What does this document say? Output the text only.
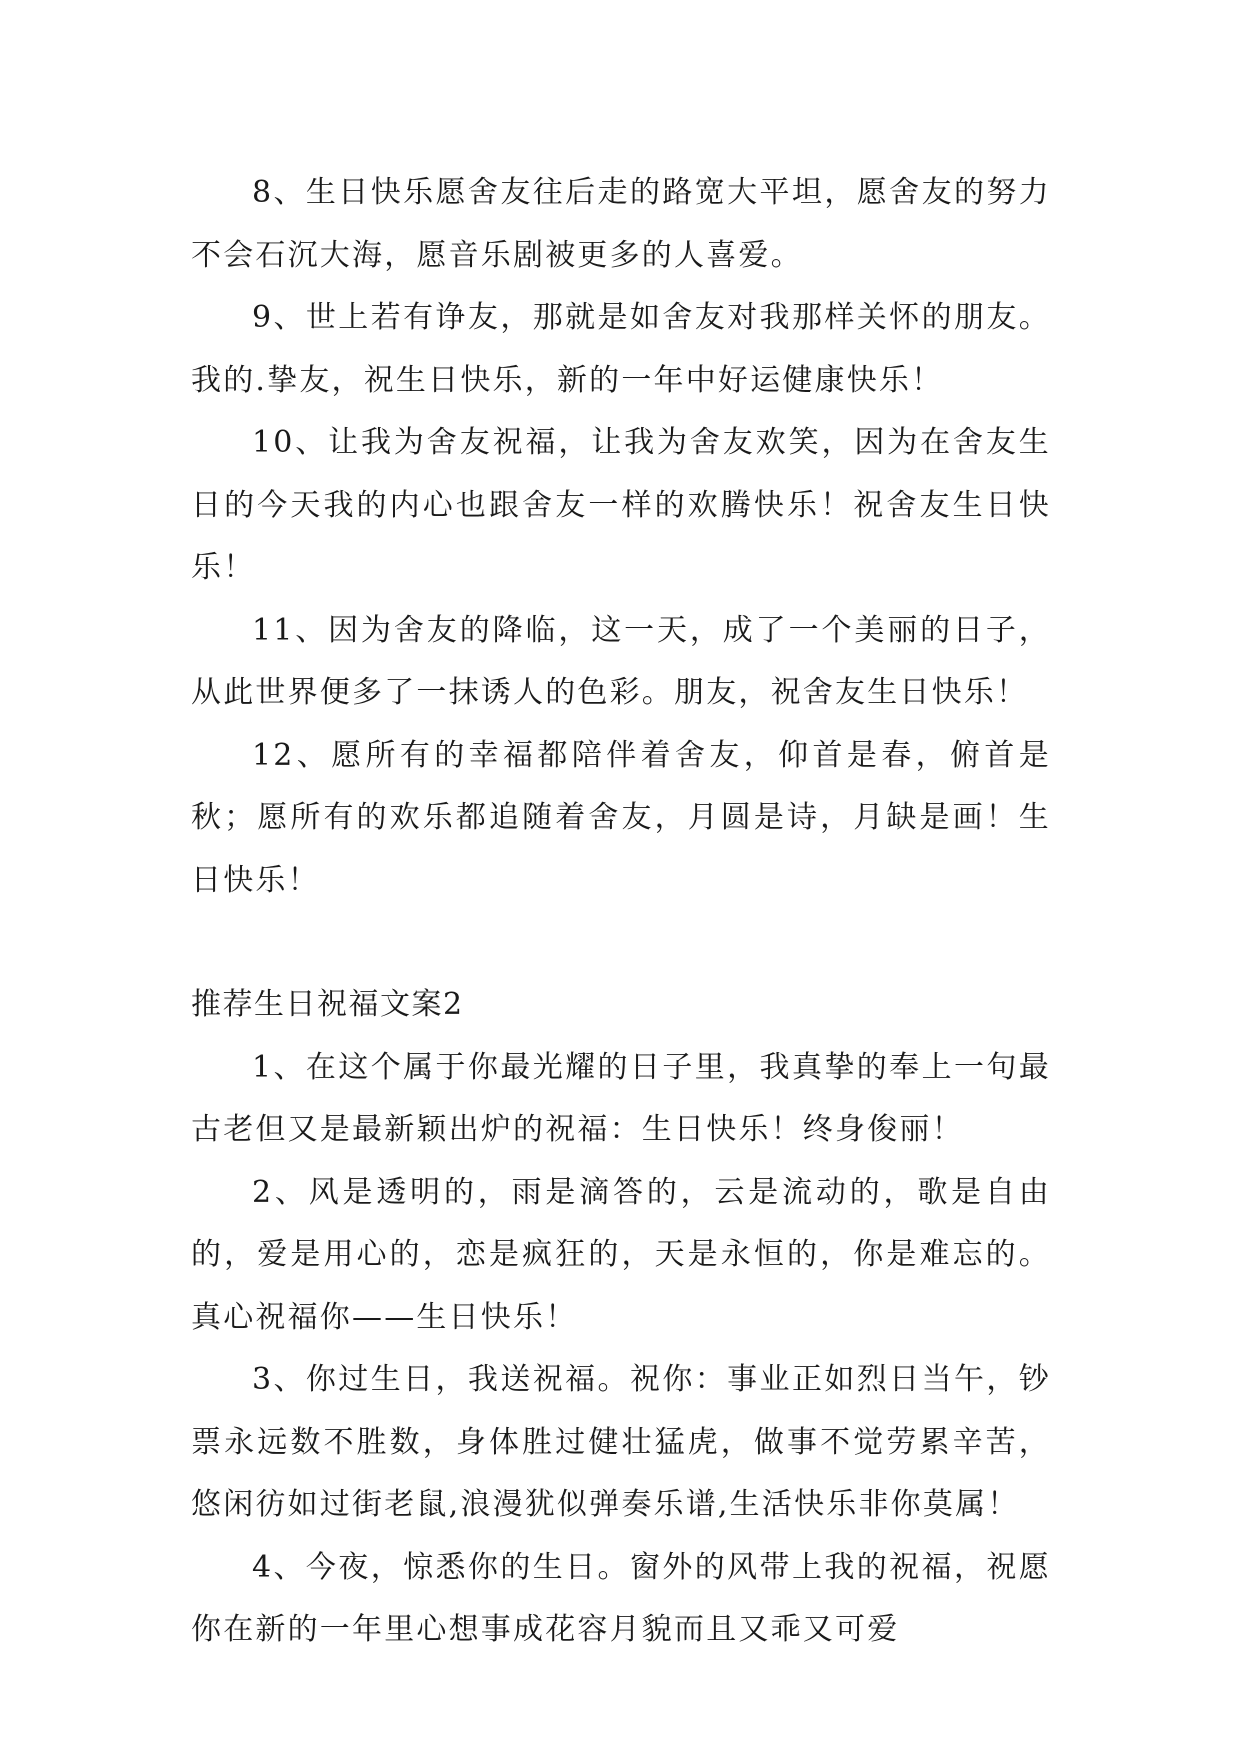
8、生日快乐愿舍友往后走的路宽大平坦，愿舍友的努力不会石沉大海，愿音乐剧被更多的人喜爱。

9、世上若有诤友，那就是如舍友对我那样关怀的朋友。我的.挚友，祝生日快乐，新的一年中好运健康快乐！

10、让我为舍友祝福，让我为舍友欢笑，因为在舍友生日的今天我的内心也跟舍友一样的欢腾快乐！祝舍友生日快乐！

11、因为舍友的降临，这一天，成了一个美丽的日子，从此世界便多了一抹诱人的色彩。朋友，祝舍友生日快乐！

12、愿所有的幸福都陪伴着舍友，仰首是春，俯首是秋；愿所有的欢乐都追随着舍友，月圆是诗，月缺是画！生日快乐！

推荐生日祝福文案2

1、在这个属于你最光耀的日子里，我真挚的奉上一句最古老但又是最新颖出炉的祝福：生日快乐！终身俊丽！

2、风是透明的，雨是滴答的，云是流动的，歌是自由的，爱是用心的，恋是疯狂的，天是永恒的，你是难忘的。真心祝福你——生日快乐！

3、你过生日，我送祝福。祝你：事业正如烈日当午，钞票永远数不胜数，身体胜过健壮猛虎，做事不觉劳累辛苦，悠闲彷如过街老鼠,浪漫犹似弹奏乐谱,生活快乐非你莫属！

4、今夜，惊悉你的生日。窗外的风带上我的祝福，祝愿你在新的一年里心想事成花容月貌而且又乖又可爱
